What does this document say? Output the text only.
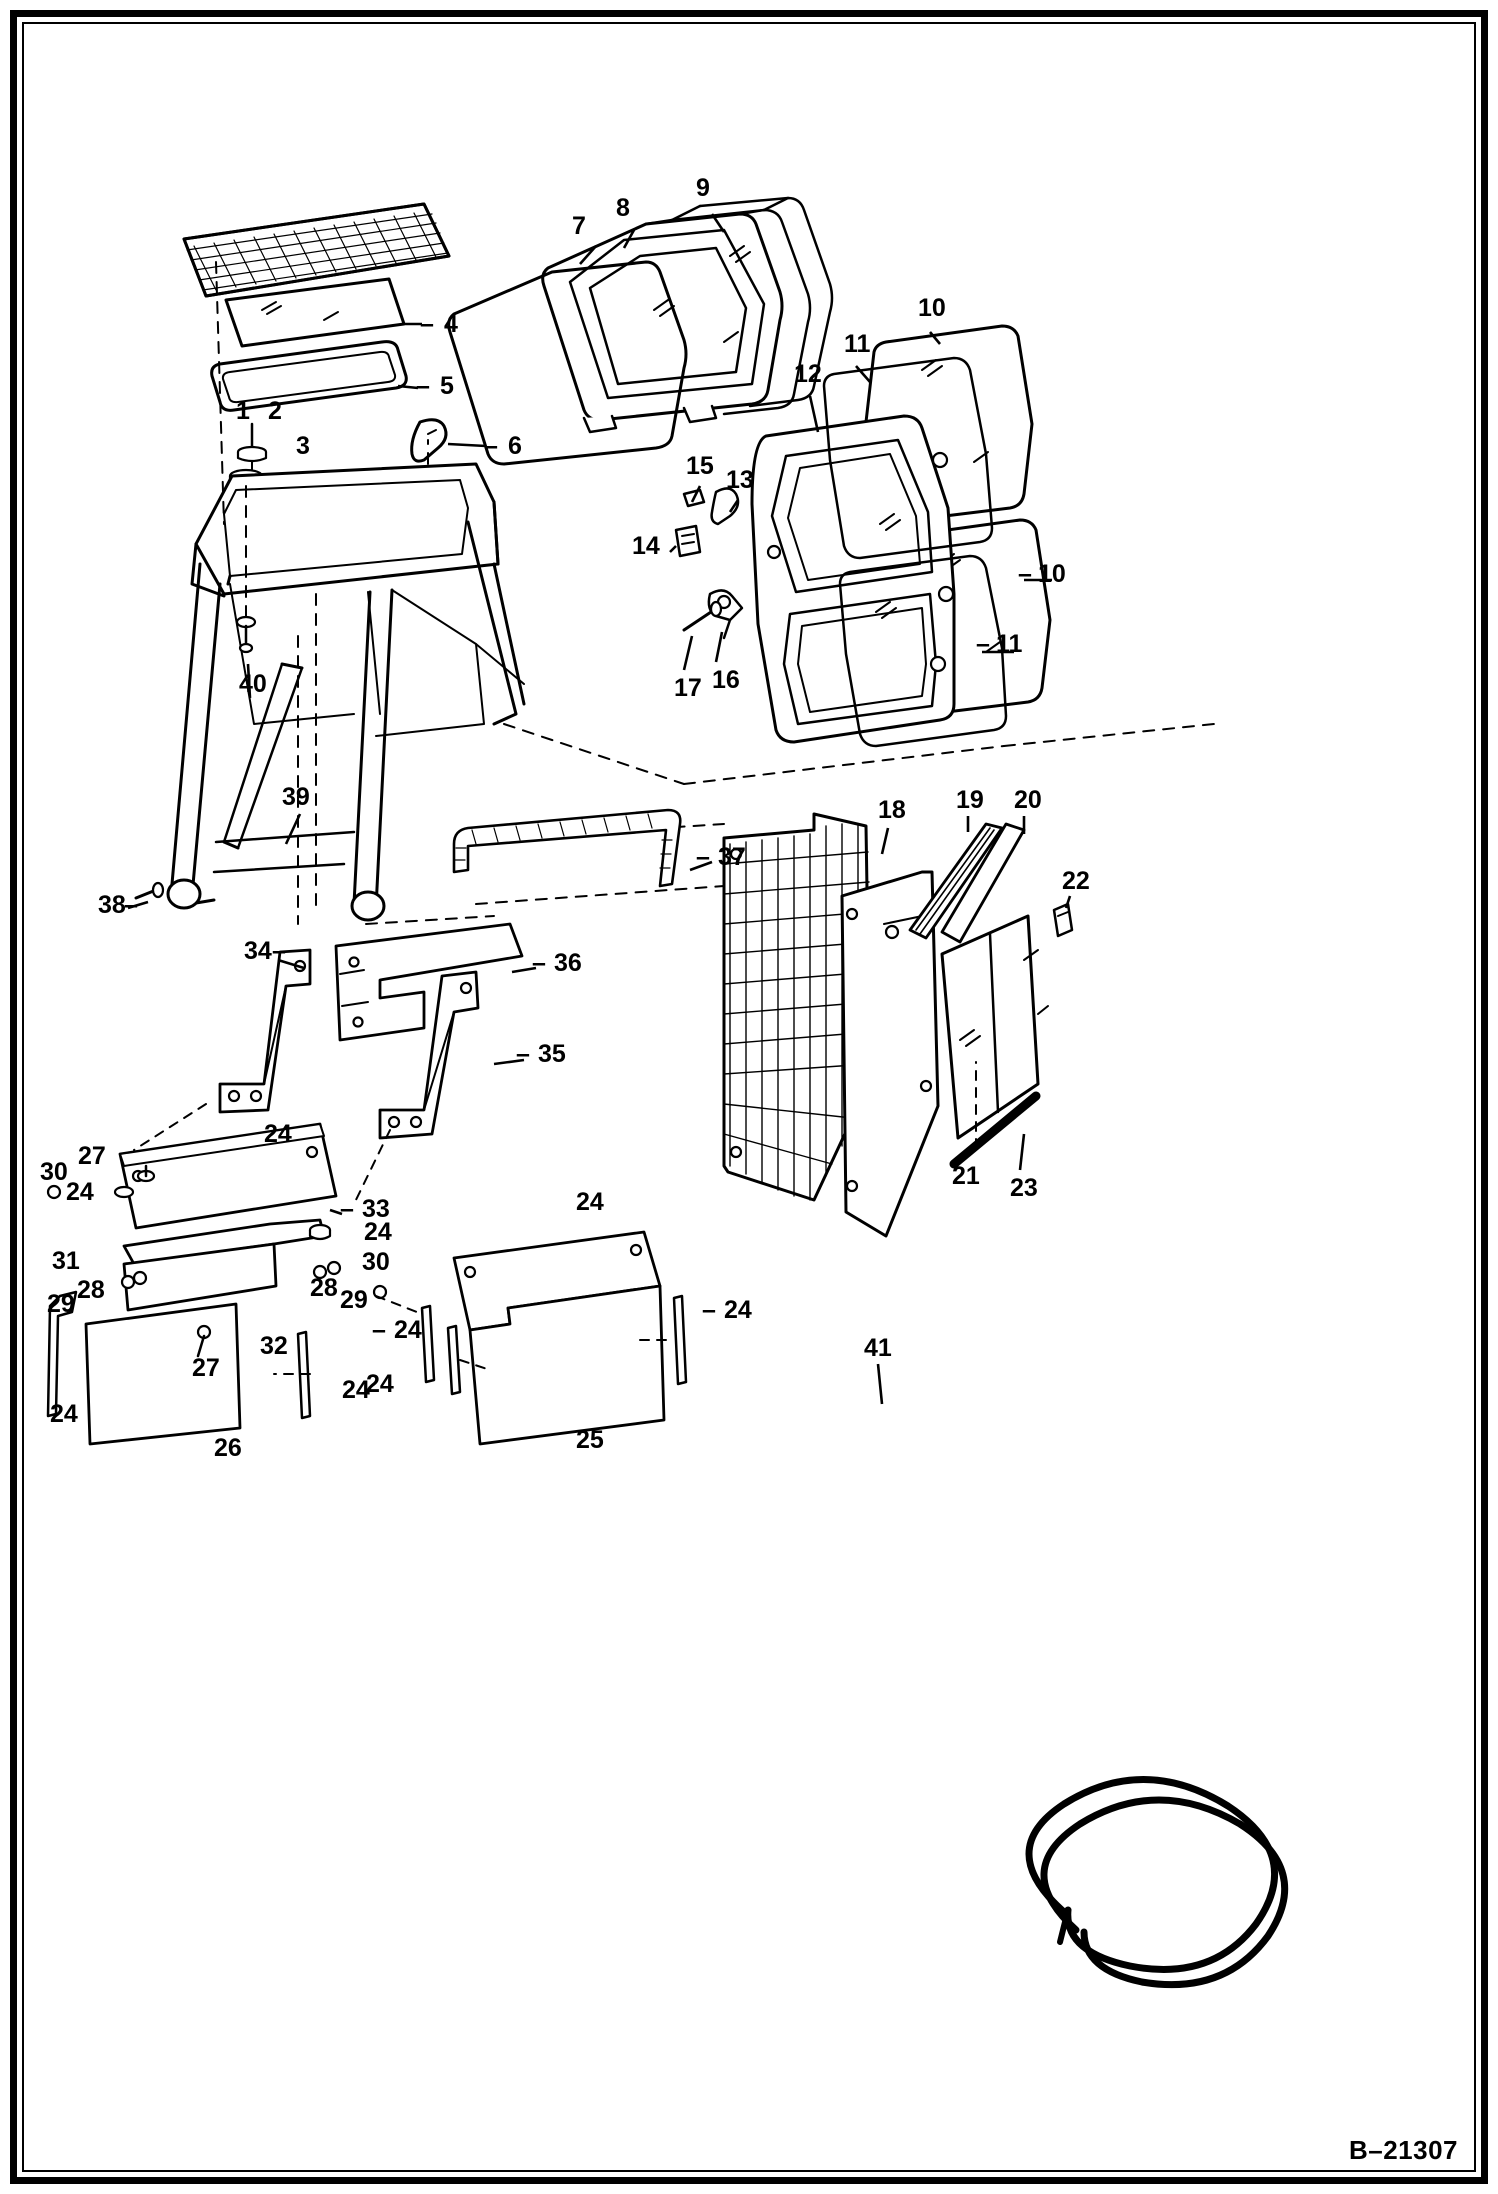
1 2
3
4
5
6
7
8
9
10
11
12
13
14
15
16
17
10
11
18 19 20
21
22
23
24
24
24
24
24
24
24
24
24
25
26
27
27
28	28
29	29
30
30
31
32
33
34
35
36
37
38
39
40
41
–
–
–
–
–
–
–
–
–
–
–
–
–
B–21307
